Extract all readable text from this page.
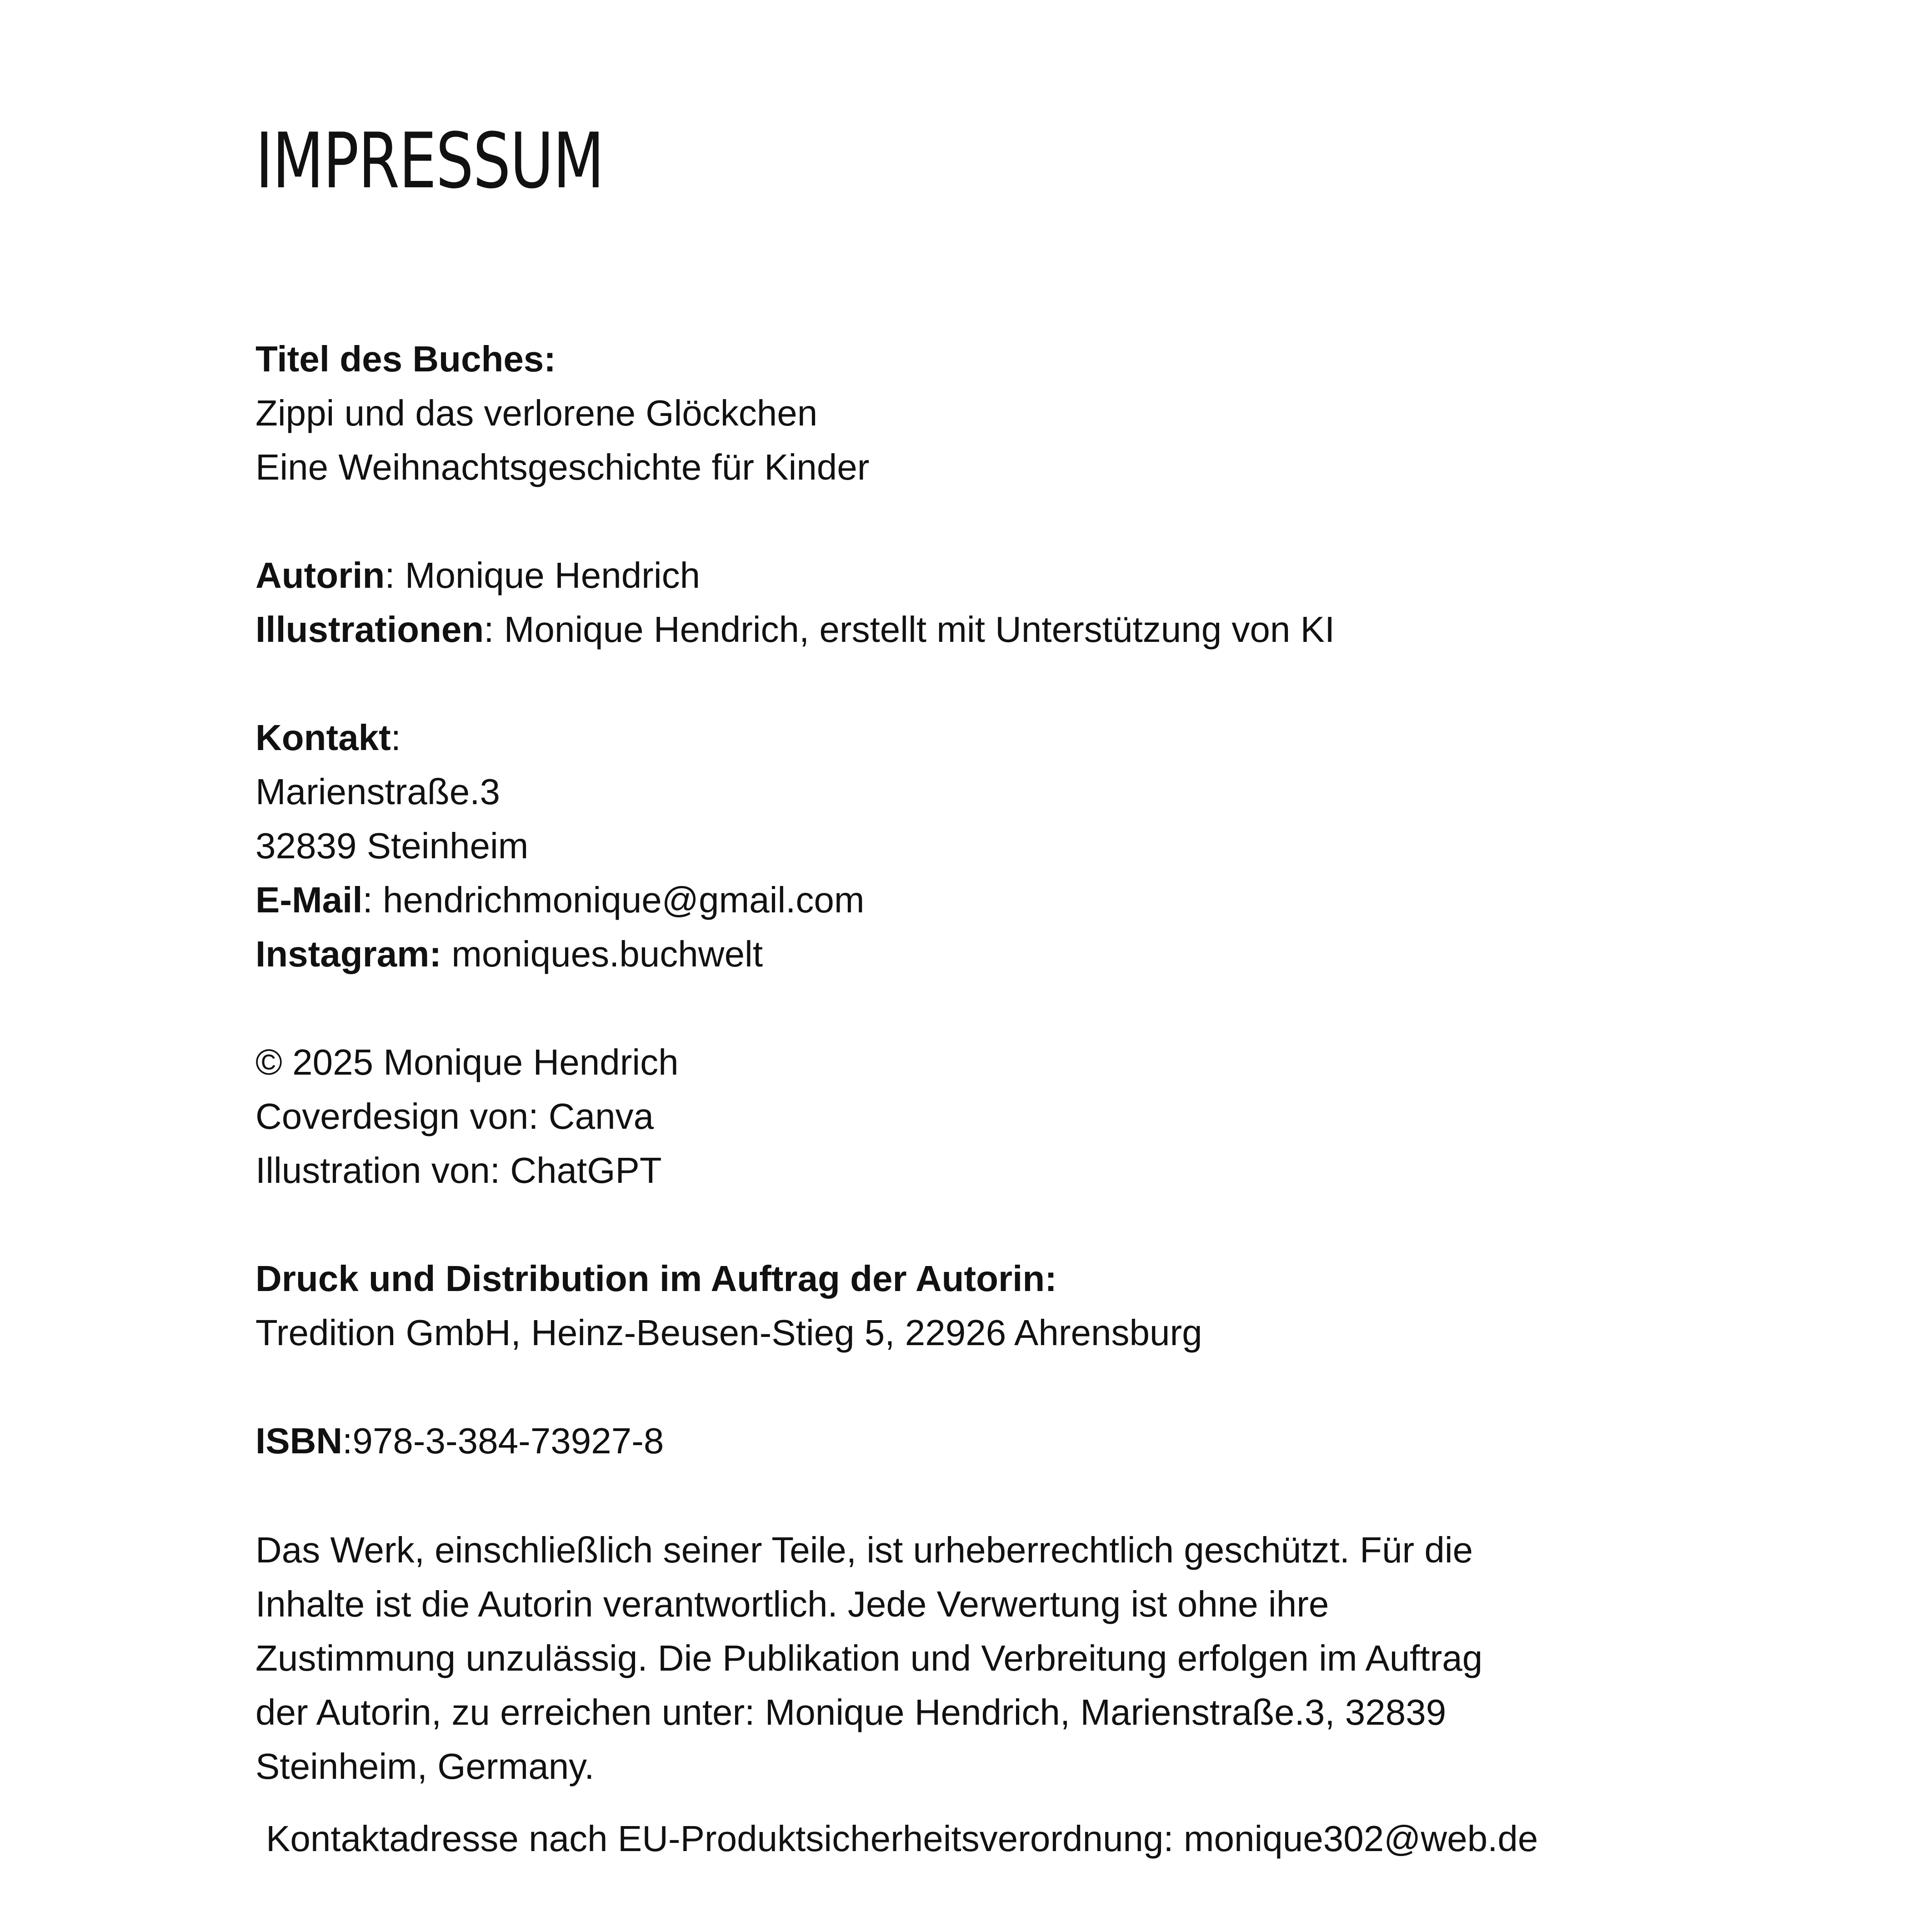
IMPRESSUM
Titel des Buches:
Zippi und das verlorene Glöckchen
Eine Weihnachtsgeschichte für Kinder
Autorin: Monique Hendrich
Illustrationen: Monique Hendrich, erstellt mit Unterstützung von KI
Kontakt:
Marienstraße.3
32839 Steinheim
E-Mail: hendrichmonique@gmail.com
Instagram: moniques.buchwelt
© 2025 Monique Hendrich
Coverdesign von: Canva
Illustration von: ChatGPT
Druck und Distribution im Auftrag der Autorin:
Tredition GmbH, Heinz-Beusen-Stieg 5, 22926 Ahrensburg
ISBN:978-3-384-73927-8
Das Werk, einschließlich seiner Teile, ist urheberrechtlich geschützt. Für die
Inhalte ist die Autorin verantwortlich. Jede Verwertung ist ohne ihre
Zustimmung unzulässig. Die Publikation und Verbreitung erfolgen im Auftrag
der Autorin, zu erreichen unter: Monique Hendrich, Marienstraße.3, 32839
Steinheim, Germany.
Kontaktadresse nach EU-Produktsicherheitsverordnung: monique302@web.de
